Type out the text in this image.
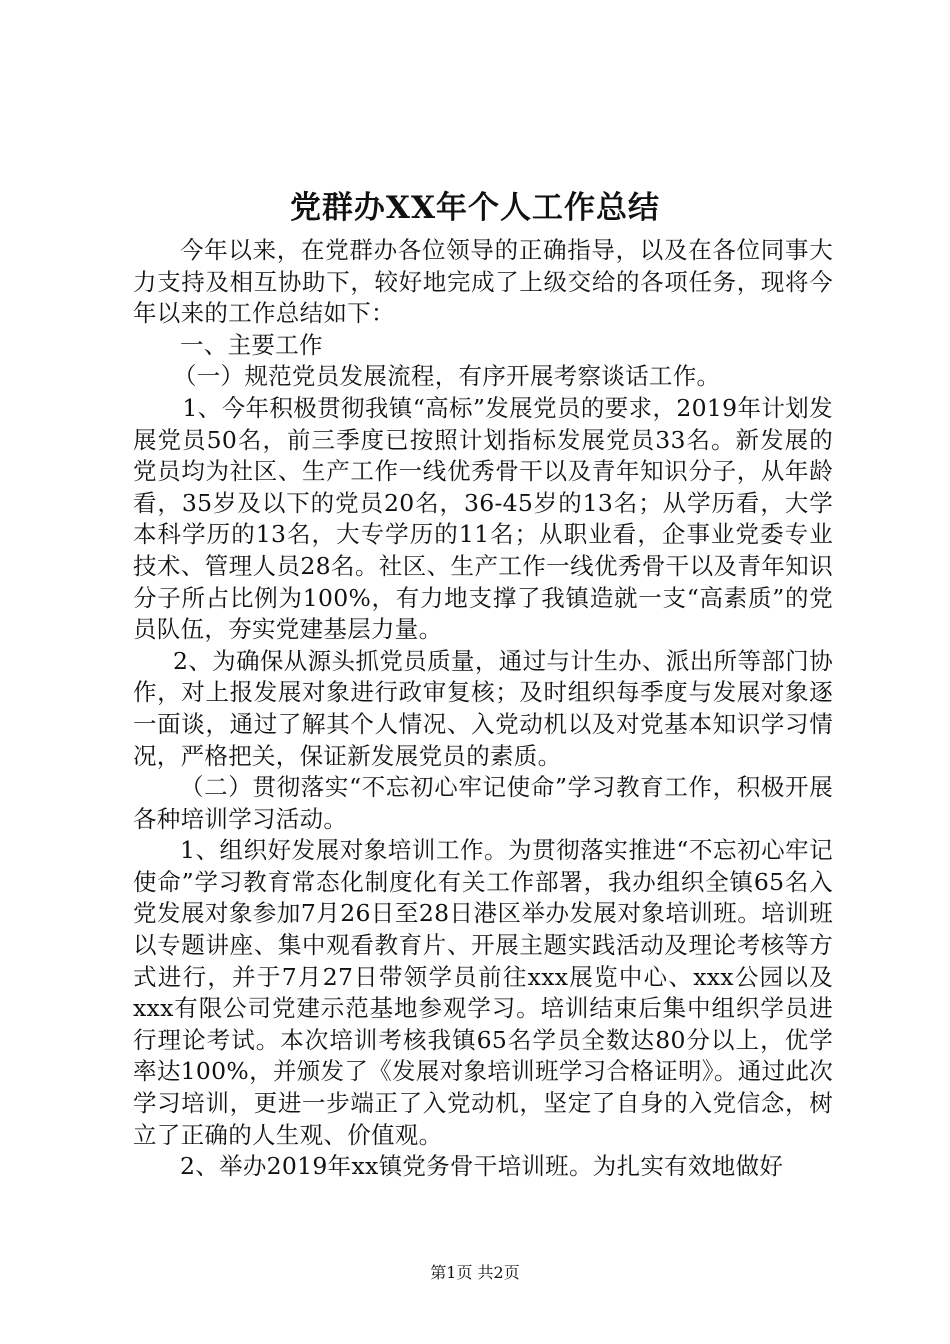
党群办XX年个人工作总结

今年以来，在党群办各位领导的正确指导，以及在各位同事大力支持及相互协助下，较好地完成了上级交给的各项任务，现将今年以来的工作总结如下：

一、主要工作

（一）规范党员发展流程，有序开展考察谈话工作。

1、今年积极贯彻我镇“高标”发展党员的要求，2019年计划发展党员50名，前三季度已按照计划指标发展党员33名。新发展的党员均为社区、生产工作一线优秀骨干以及青年知识分子，从年龄看，35岁及以下的党员20名，36-45岁的13名；从学历看，大学本科学历的13名，大专学历的11名；从职业看，企事业党委专业技术、管理人员28名。社区、生产工作一线优秀骨干以及青年知识分子所占比例为100%，有力地支撑了我镇造就一支“高素质”的党员队伍，夯实党建基层力量。

2、为确保从源头抓党员质量，通过与计生办、派出所等部门协作，对上报发展对象进行政审复核；及时组织每季度与发展对象逐一面谈，通过了解其个人情况、入党动机以及对党基本知识学习情况，严格把关，保证新发展党员的素质。

（二）贯彻落实“不忘初心牢记使命”学习教育工作，积极开展各种培训学习活动。

1、组织好发展对象培训工作。为贯彻落实推进“不忘初心牢记使命”学习教育常态化制度化有关工作部署，我办组织全镇65名入党发展对象参加7月26日至28日港区举办发展对象培训班。培训班以专题讲座、集中观看教育片、开展主题实践活动及理论考核等方式进行，并于7月27日带领学员前往xxx展览中心、xxx公园以及xxx有限公司党建示范基地参观学习。培训结束后集中组织学员进行理论考试。本次培训考核我镇65名学员全数达80分以上，优学率达100%，并颁发了《发展对象培训班学习合格证明》。通过此次学习培训，更进一步端正了入党动机，坚定了自身的入党信念，树立了正确的人生观、价值观。

2、举办2019年xx镇党务骨干培训班。为扎实有效地做好

第1页 共2页
